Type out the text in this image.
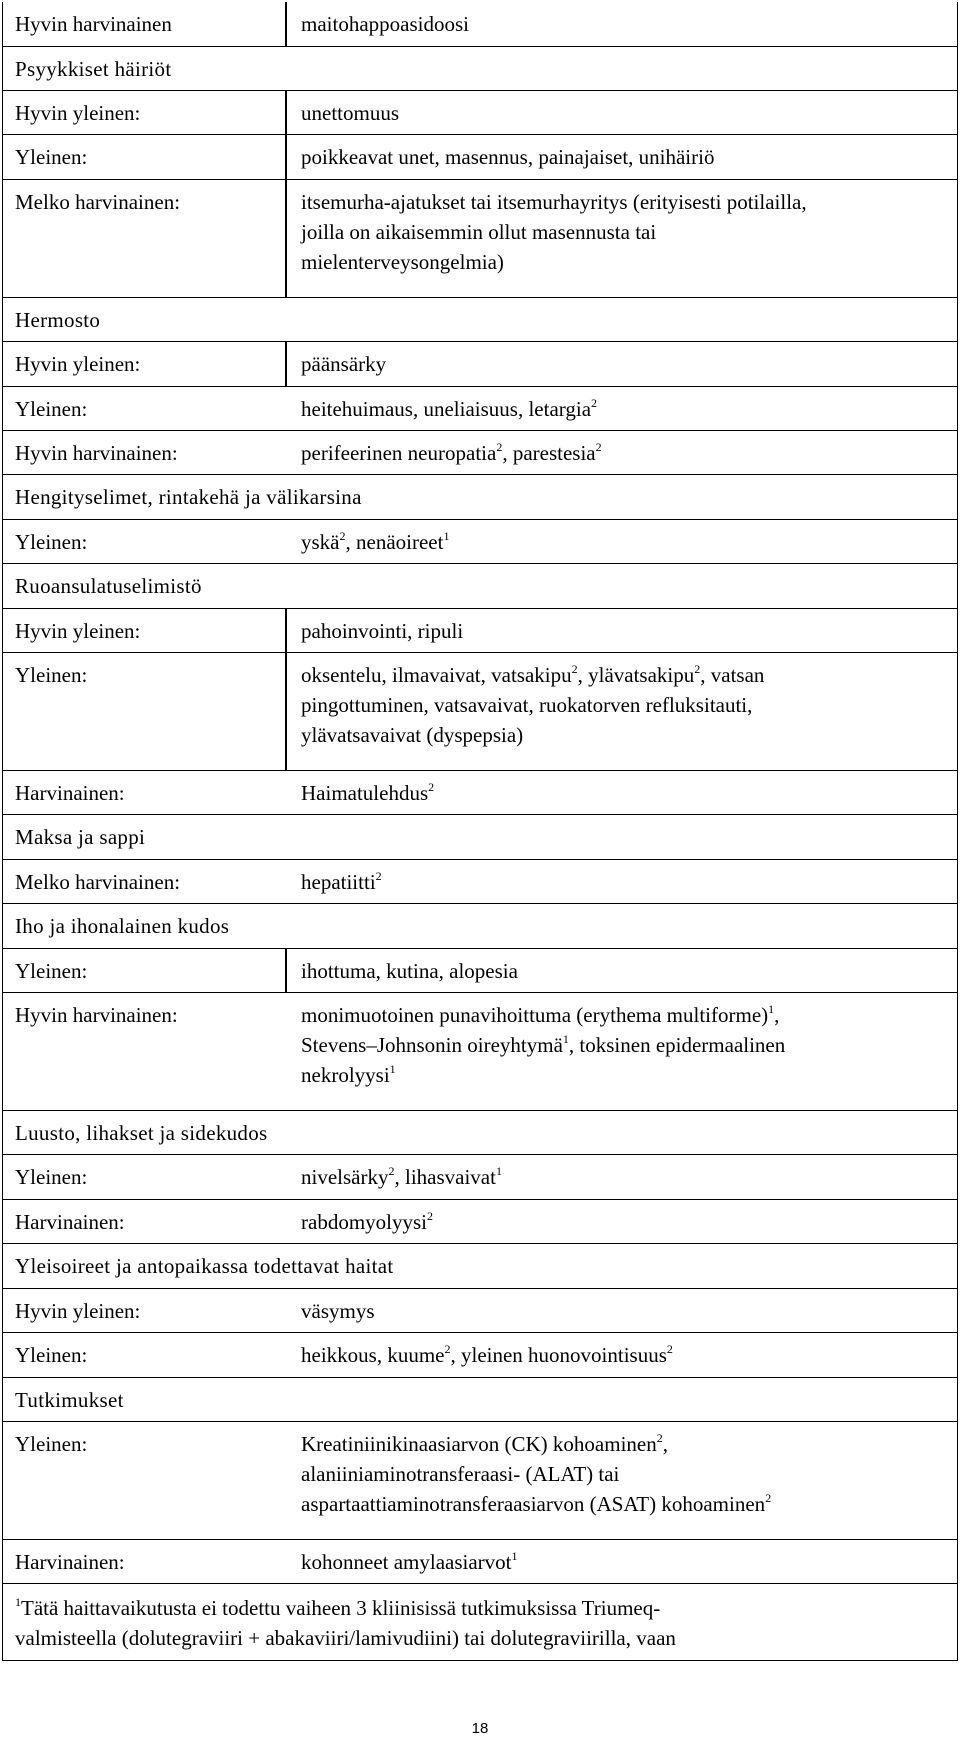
Hyvin harvinainen	maitohappoasidoosi
Psyykkiset häiriöt
Hyvin yleinen:	unettomuus
Yleinen:	poikkeavat unet, masennus, painajaiset, unihäiriö
Melko harvinainen:	itsemurha-ajatukset tai itsemurhayritys (erityisesti potilailla,
joilla on aikaisemmin ollut masennusta tai
mielenterveysongelmia)
Hermosto
Hyvin yleinen:	päänsärky
Yleinen:	heitehuimaus, uneliaisuus, letargia$^2$
Hyvin harvinainen:	perifeerinen neuropatia$^2$, parestesia$^2$
Hengityselimet, rintakehä ja välikarsina
Yleinen:	yskä$^2$, nenäoireet$^1$
Ruoansulatuselimistö
Hyvin yleinen:	pahoinvointi, ripuli
Yleinen:	oksentelu, ilmavaivat, vatsakipu$^2$, ylävatsakipu$^2$, vatsan
pingottuminen, vatsavaivat, ruokatorven refluksitauti,
ylävatsavaivat (dyspepsia)
Harvinainen:	Haimatulehdus$^2$
Maksa ja sappi
Melko harvinainen:	hepatiitti$^2$
Iho ja ihonalainen kudos
Yleinen:	ihottuma, kutina, alopesia
Hyvin harvinainen:	monimuotoinen punavihoittuma (erythema multiforme)$^1$,
Stevens–Johnsonin oireyhtymä$^1$, toksinen epidermaalinen
nekrolyysi$^1$
Luusto, lihakset ja sidekudos
Yleinen:	nivelsärky$^2$, lihasvaivat$^1$
Harvinainen:	rabdomyolyysi$^2$
Yleisoireet ja antopaikassa todettavat haitat
Hyvin yleinen:	väsymys
Yleinen:	heikkous, kuume$^2$, yleinen huonovointisuus$^2$
Tutkimukset
Yleinen:	Kreatiniinikinaasiarvon (CK) kohoaminen$^2$,
alaniiniaminotransferaasi- (ALAT) tai
aspartaattiaminotransferaasiarvon (ASAT) kohoaminen$^2$
Harvinainen:	kohonneet amylaasiarvot$^1$
$^1$Tätä haittavaikutusta ei todettu vaiheen 3 kliinisissä tutkimuksissa Triumeq-
valmisteella (dolutegraviiri + abakaviiri/lamivudiini) tai dolutegraviirilla, vaan
18
